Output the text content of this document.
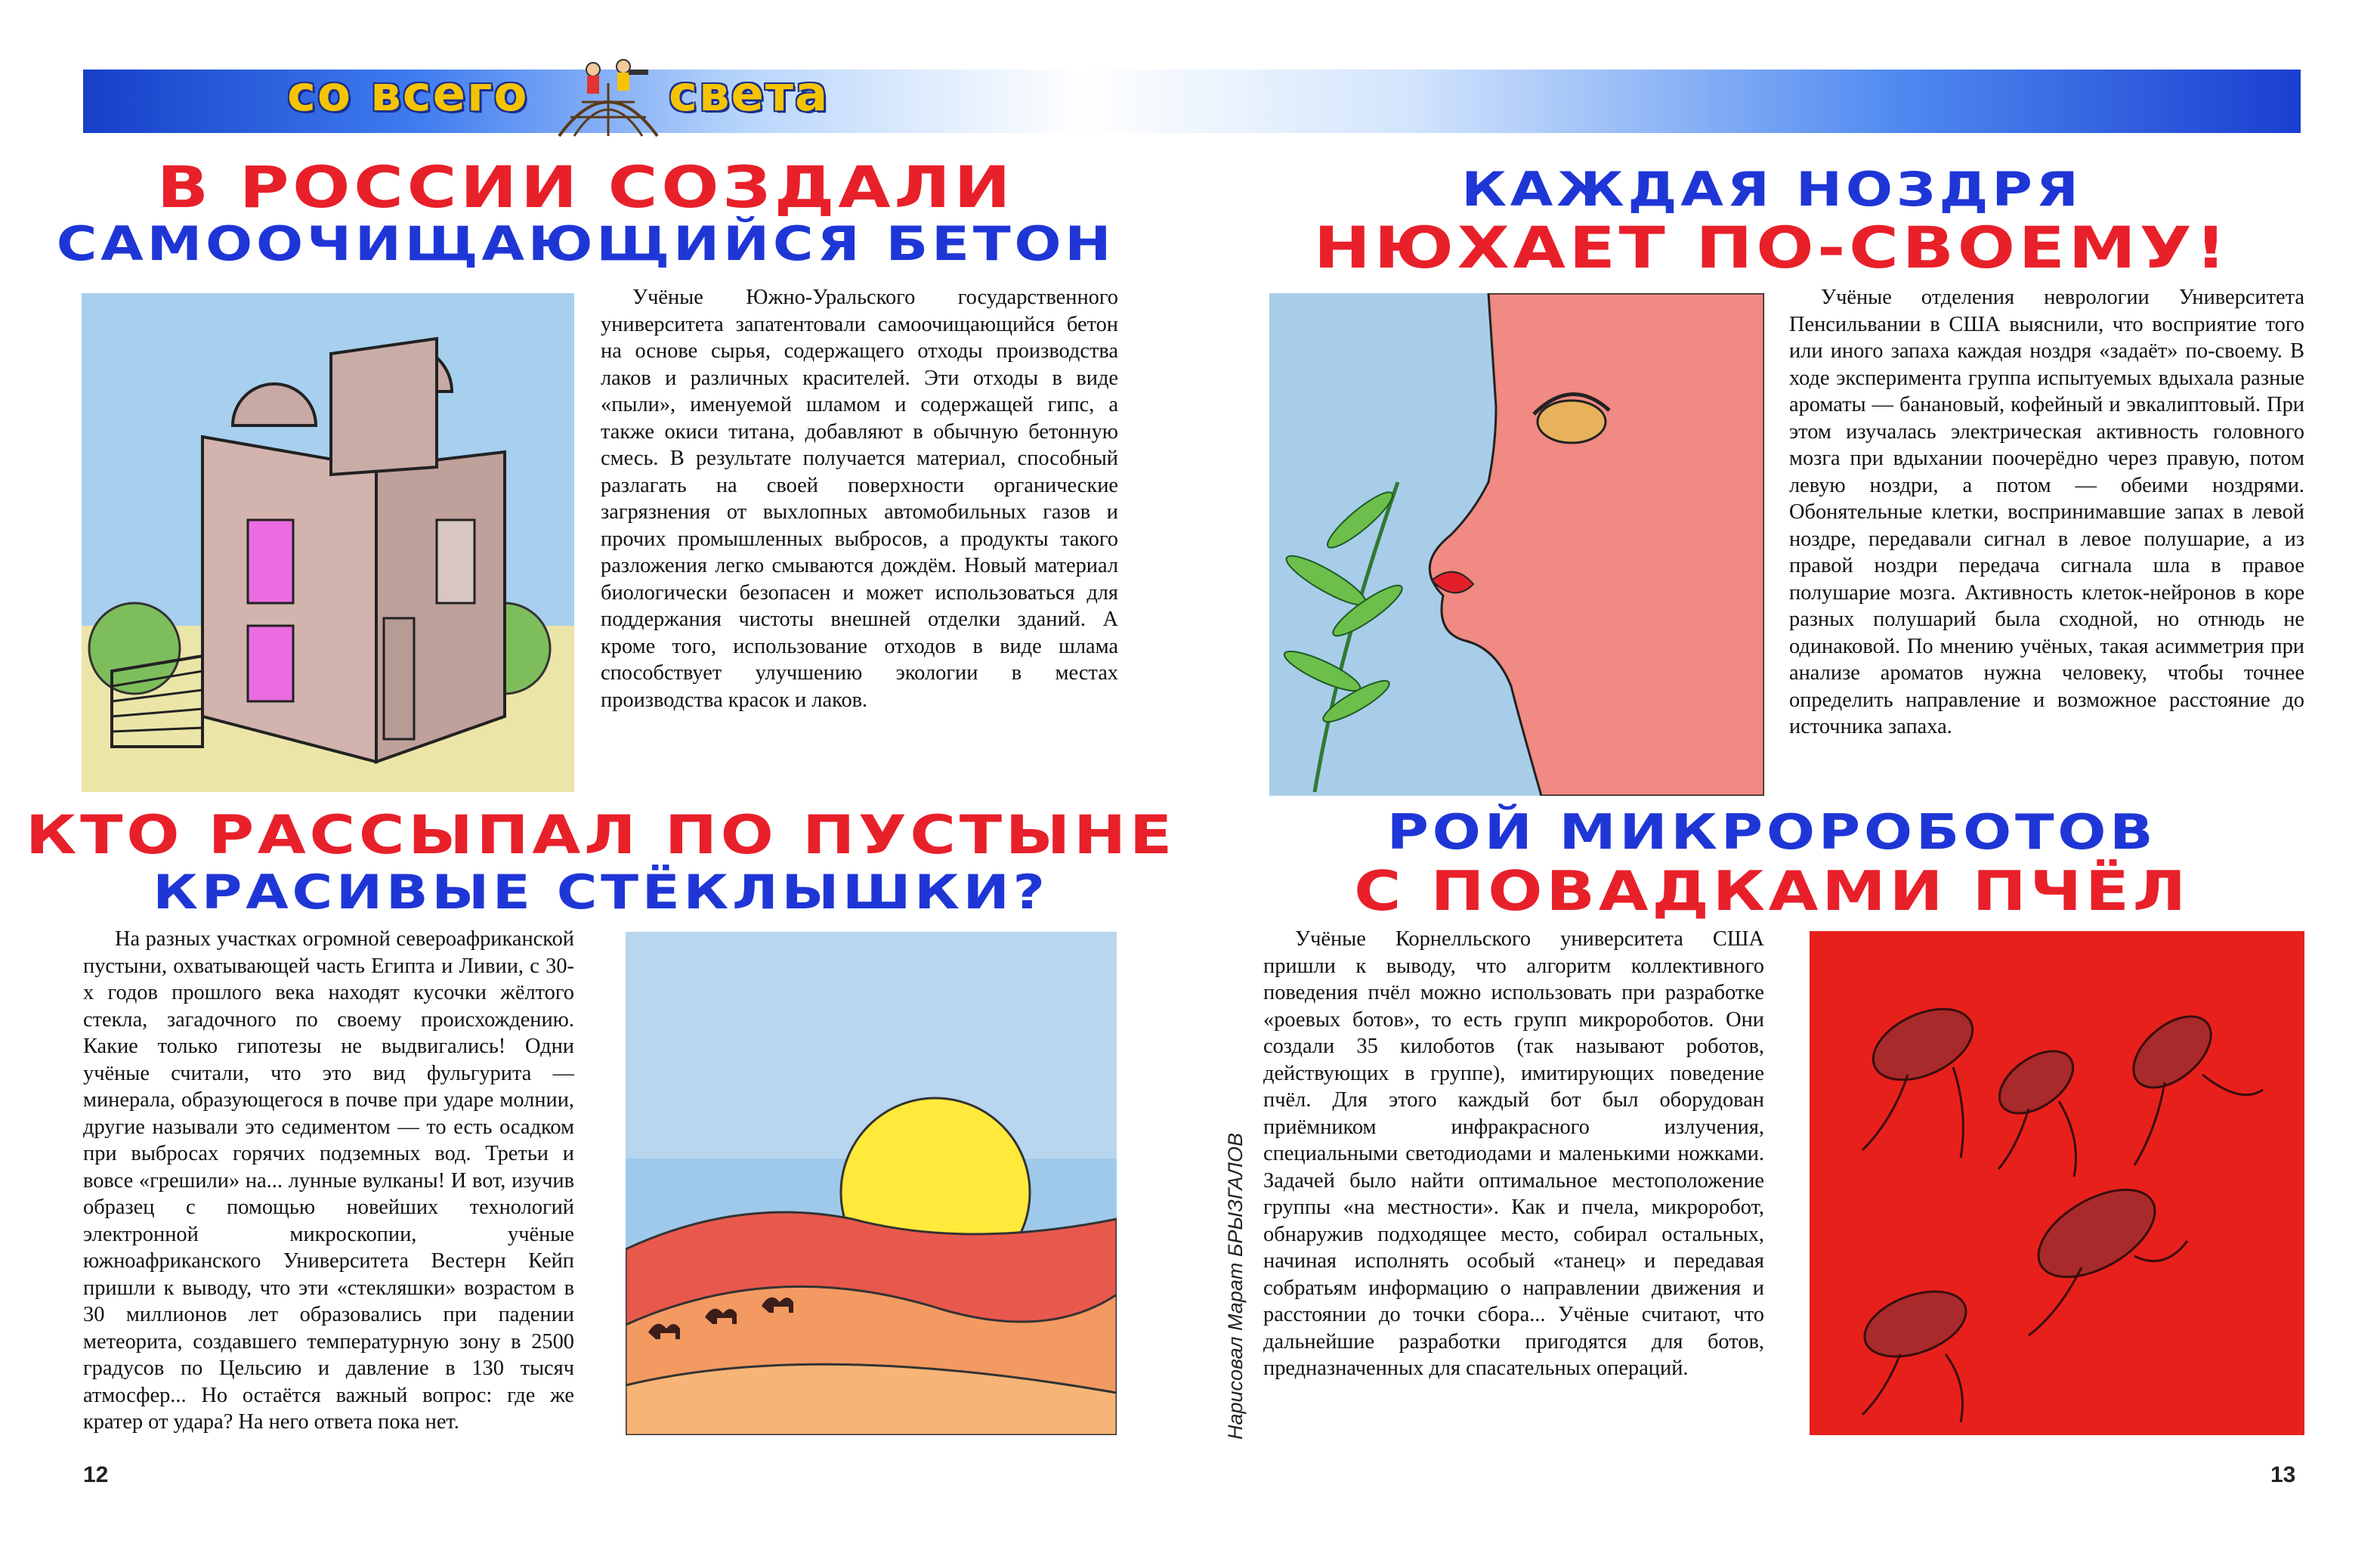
со всего	света
В РОССИИ СОЗДАЛИ
САМООЧИЩАЮЩИЙСЯ БЕТОН

Учёные Южно-Уральского государственного университета запатентовали самоочищающийся бетон на основе сырья, содержащего отходы производства лаков и различных красителей. Эти отходы в виде «пыли», именуемой шламом и содержащей гипс, а также окиси титана, добавляют в обычную бетонную смесь. В результате получается материал, способный разлагать на своей поверхности органические загрязнения от выхлопных автомобильных газов и прочих промышленных выбросов, а продукты такого разложения легко смываются дождём. Новый материал биологически безопасен и может использоваться для поддержания чистоты внешней отделки зданий. А кроме того, использование отходов в виде шлама способствует улучшению экологии в местах производства красок и лаков.

КАЖДАЯ НОЗДРЯ
НЮХАЕТ ПО-СВОЕМУ!

Учёные отделения неврологии Университета Пенсильвании в США выяснили, что восприятие того или иного запаха каждая ноздря «задаёт» по-своему. В ходе эксперимента группа испытуемых вдыхала разные ароматы — банановый, кофейный и эвкалиптовый. При этом изучалась электрическая активность головного мозга при вдыхании поочерёдно через правую, потом левую ноздри, а потом — обеими ноздрями. Обонятельные клетки, воспринимавшие запах в левой ноздре, передавали сигнал в левое полушарие, а из правой ноздри передача сигнала шла в правое полушарие мозга. Активность клеток-нейронов в коре разных полушарий была сходной, но отнюдь не одинаковой. По мнению учёных, такая асимметрия при анализе ароматов нужна человеку, чтобы точнее определить направление и возможное расстояние до источника запаха.

КТО РАССЫПАЛ ПО ПУСТЫНЕ
КРАСИВЫЕ СТЁКЛЫШКИ?

На разных участках огромной североафриканской пустыни, охватывающей часть Египта и Ливии, с 30-х годов прошлого века находят кусочки жёлтого стекла, загадочного по своему происхождению. Какие только гипотезы не выдвигались! Одни учёные считали, что это вид фульгурита — минерала, образующегося в почве при ударе молнии, другие называли это седиментом — то есть осадком при выбросах горячих подземных вод. Третьи и вовсе «грешили» на... лунные вулканы! И вот, изучив образец с помощью новейших технологий электронной микроскопии, учёные южноафриканского Университета Вестерн Кейп пришли к выводу, что эти «стекляшки» возрастом в 30 миллионов лет образовались при падении метеорита, создавшего температурную зону в 2500 градусов по Цельсию и давление в 130 тысяч атмосфер... Но остаётся важный вопрос: где же кратер от удара? На него ответа пока нет.

РОЙ МИКРОРОБОТОВ
С ПОВАДКАМИ ПЧЁЛ

Учёные Корнелльского университета США пришли к выводу, что алгоритм коллективного поведения пчёл можно использовать при разработке «роевых ботов», то есть групп микророботов. Они создали 35 килоботов (так называют роботов, действующих в группе), имитирующих поведение пчёл. Для этого каждый бот был оборудован приёмником инфракрасного излучения, специальными светодиодами и маленькими ножками. Задачей было найти оптимальное местоположение группы «на местности». Как и пчела, микроробот, обнаружив подходящее место, собирал остальных, начиная исполнять особый «танец» и передавая собратьям информацию о направлении движения и расстоянии до точки сбора... Учёные считают, что дальнейшие разработки пригодятся для ботов, предназначенных для спасательных операций.

Нарисовал Марат БРЫЗГАЛОВ
12	13
